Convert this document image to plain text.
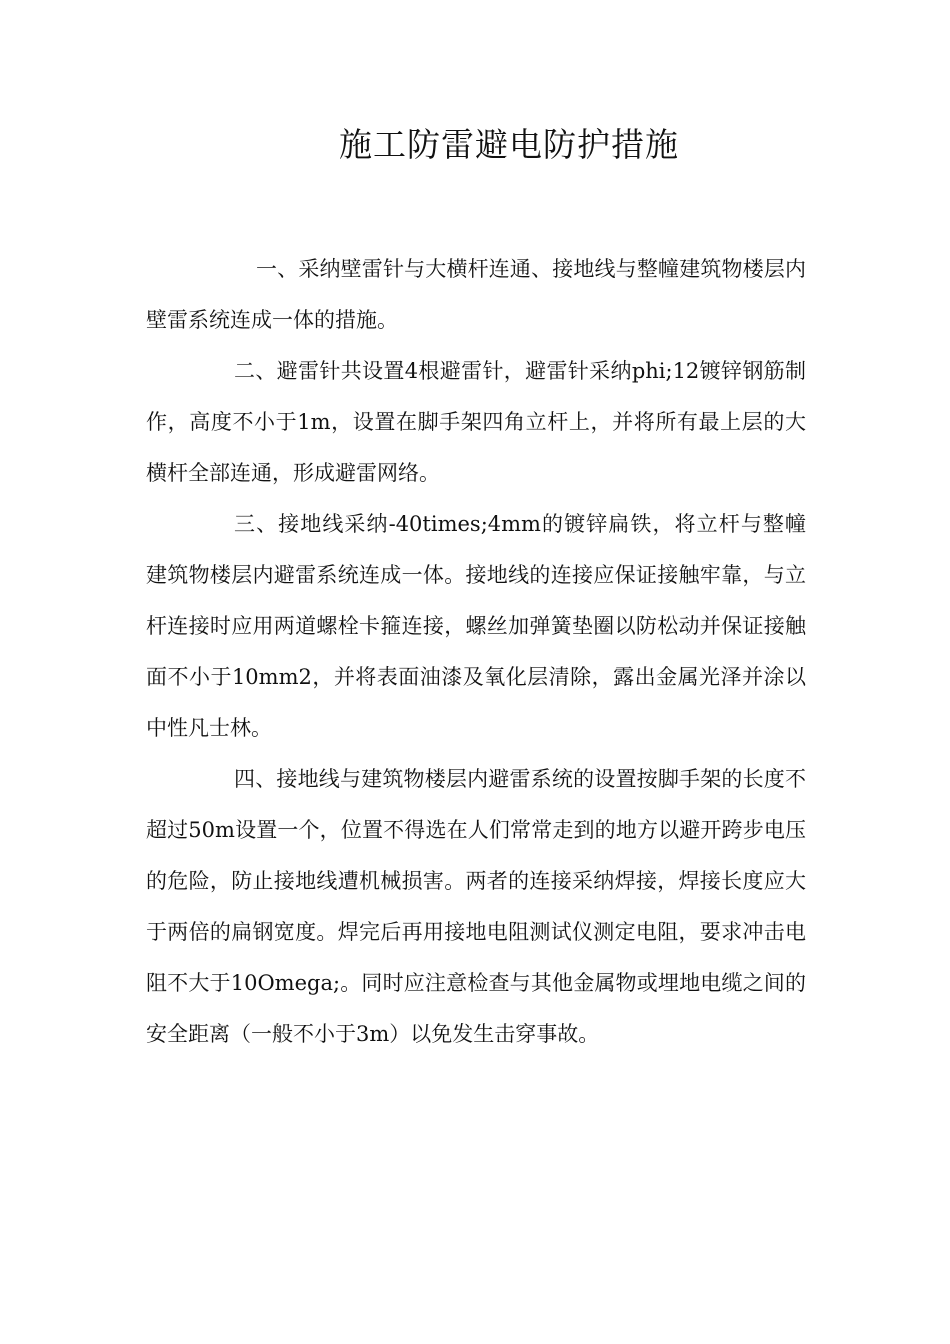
施工防雷避电防护措施

一、采纳壁雷针与大横杆连通、接地线与整幢建筑物楼层内壁雷系统连成一体的措施。

二、避雷针共设置4根避雷针，避雷针采纳phi;12镀锌钢筋制作，高度不小于1m，设置在脚手架四角立杆上，并将所有最上层的大横杆全部连通，形成避雷网络。

三、接地线采纳-40times;4mm的镀锌扁铁，将立杆与整幢建筑物楼层内避雷系统连成一体。接地线的连接应保证接触牢靠，与立杆连接时应用两道螺栓卡箍连接，螺丝加弹簧垫圈以防松动并保证接触面不小于10mm2，并将表面油漆及氧化层清除，露出金属光泽并涂以中性凡士林。

四、接地线与建筑物楼层内避雷系统的设置按脚手架的长度不超过50m设置一个，位置不得选在人们常常走到的地方以避开跨步电压的危险，防止接地线遭机械损害。两者的连接采纳焊接，焊接长度应大于两倍的扁钢宽度。焊完后再用接地电阻测试仪测定电阻，要求冲击电阻不大于10Omega;。同时应注意检查与其他金属物或埋地电缆之间的安全距离（一般不小于3m）以免发生击穿事故。
